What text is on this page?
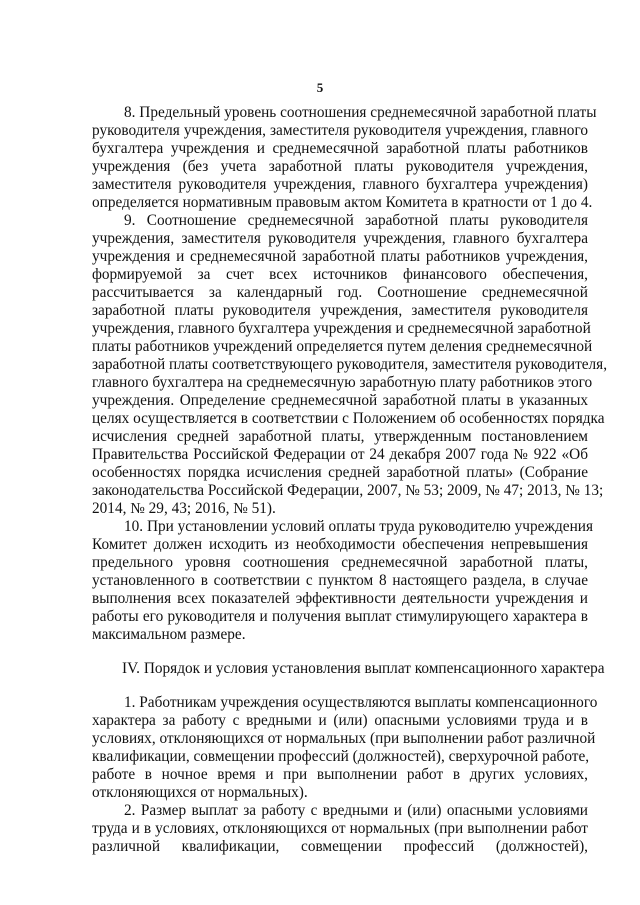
5
8. Предельный уровень соотношения среднемесячной заработной платы
руководителя учреждения, заместителя руководителя учреждения, главного
бухгалтера учреждения и среднемесячной заработной платы работников
учреждения (без учета заработной платы руководителя учреждения,
заместителя руководителя учреждения, главного бухгалтера учреждения)
определяется нормативным правовым актом Комитета в кратности от 1 до 4.
9. Соотношение среднемесячной заработной платы руководителя
учреждения, заместителя руководителя учреждения, главного бухгалтера
учреждения и среднемесячной заработной платы работников учреждения,
формируемой за счет всех источников финансового обеспечения,
рассчитывается за календарный год. Соотношение среднемесячной
заработной платы руководителя учреждения, заместителя руководителя
учреждения, главного бухгалтера учреждения и среднемесячной заработной
платы работников учреждений определяется путем деления среднемесячной
заработной платы соответствующего руководителя, заместителя руководителя,
главного бухгалтера на среднемесячную заработную плату работников этого
учреждения. Определение среднемесячной заработной платы в указанных
целях осуществляется в соответствии с Положением об особенностях порядка
исчисления средней заработной платы, утвержденным постановлением
Правительства Российской Федерации от 24 декабря 2007 года № 922 «Об
особенностях порядка исчисления средней заработной платы» (Собрание
законодательства Российской Федерации, 2007, № 53; 2009, № 47; 2013, № 13;
2014, № 29, 43; 2016, № 51).
10. При установлении условий оплаты труда руководителю учреждения
Комитет должен исходить из необходимости обеспечения непревышения
предельного уровня соотношения среднемесячной заработной платы,
установленного в соответствии с пунктом 8 настоящего раздела, в случае
выполнения всех показателей эффективности деятельности учреждения и
работы его руководителя и получения выплат стимулирующего характера в
максимальном размере.
IV. Порядок и условия установления выплат компенсационного характера
1. Работникам учреждения осуществляются выплаты компенсационного
характера за работу с вредными и (или) опасными условиями труда и в
условиях, отклоняющихся от нормальных (при выполнении работ различной
квалификации, совмещении профессий (должностей), сверхурочной работе,
работе в ночное время и при выполнении работ в других условиях,
отклоняющихся от нормальных).
2. Размер выплат за работу с вредными и (или) опасными условиями
труда и в условиях, отклоняющихся от нормальных (при выполнении работ
различной квалификации, совмещении профессий (должностей),
